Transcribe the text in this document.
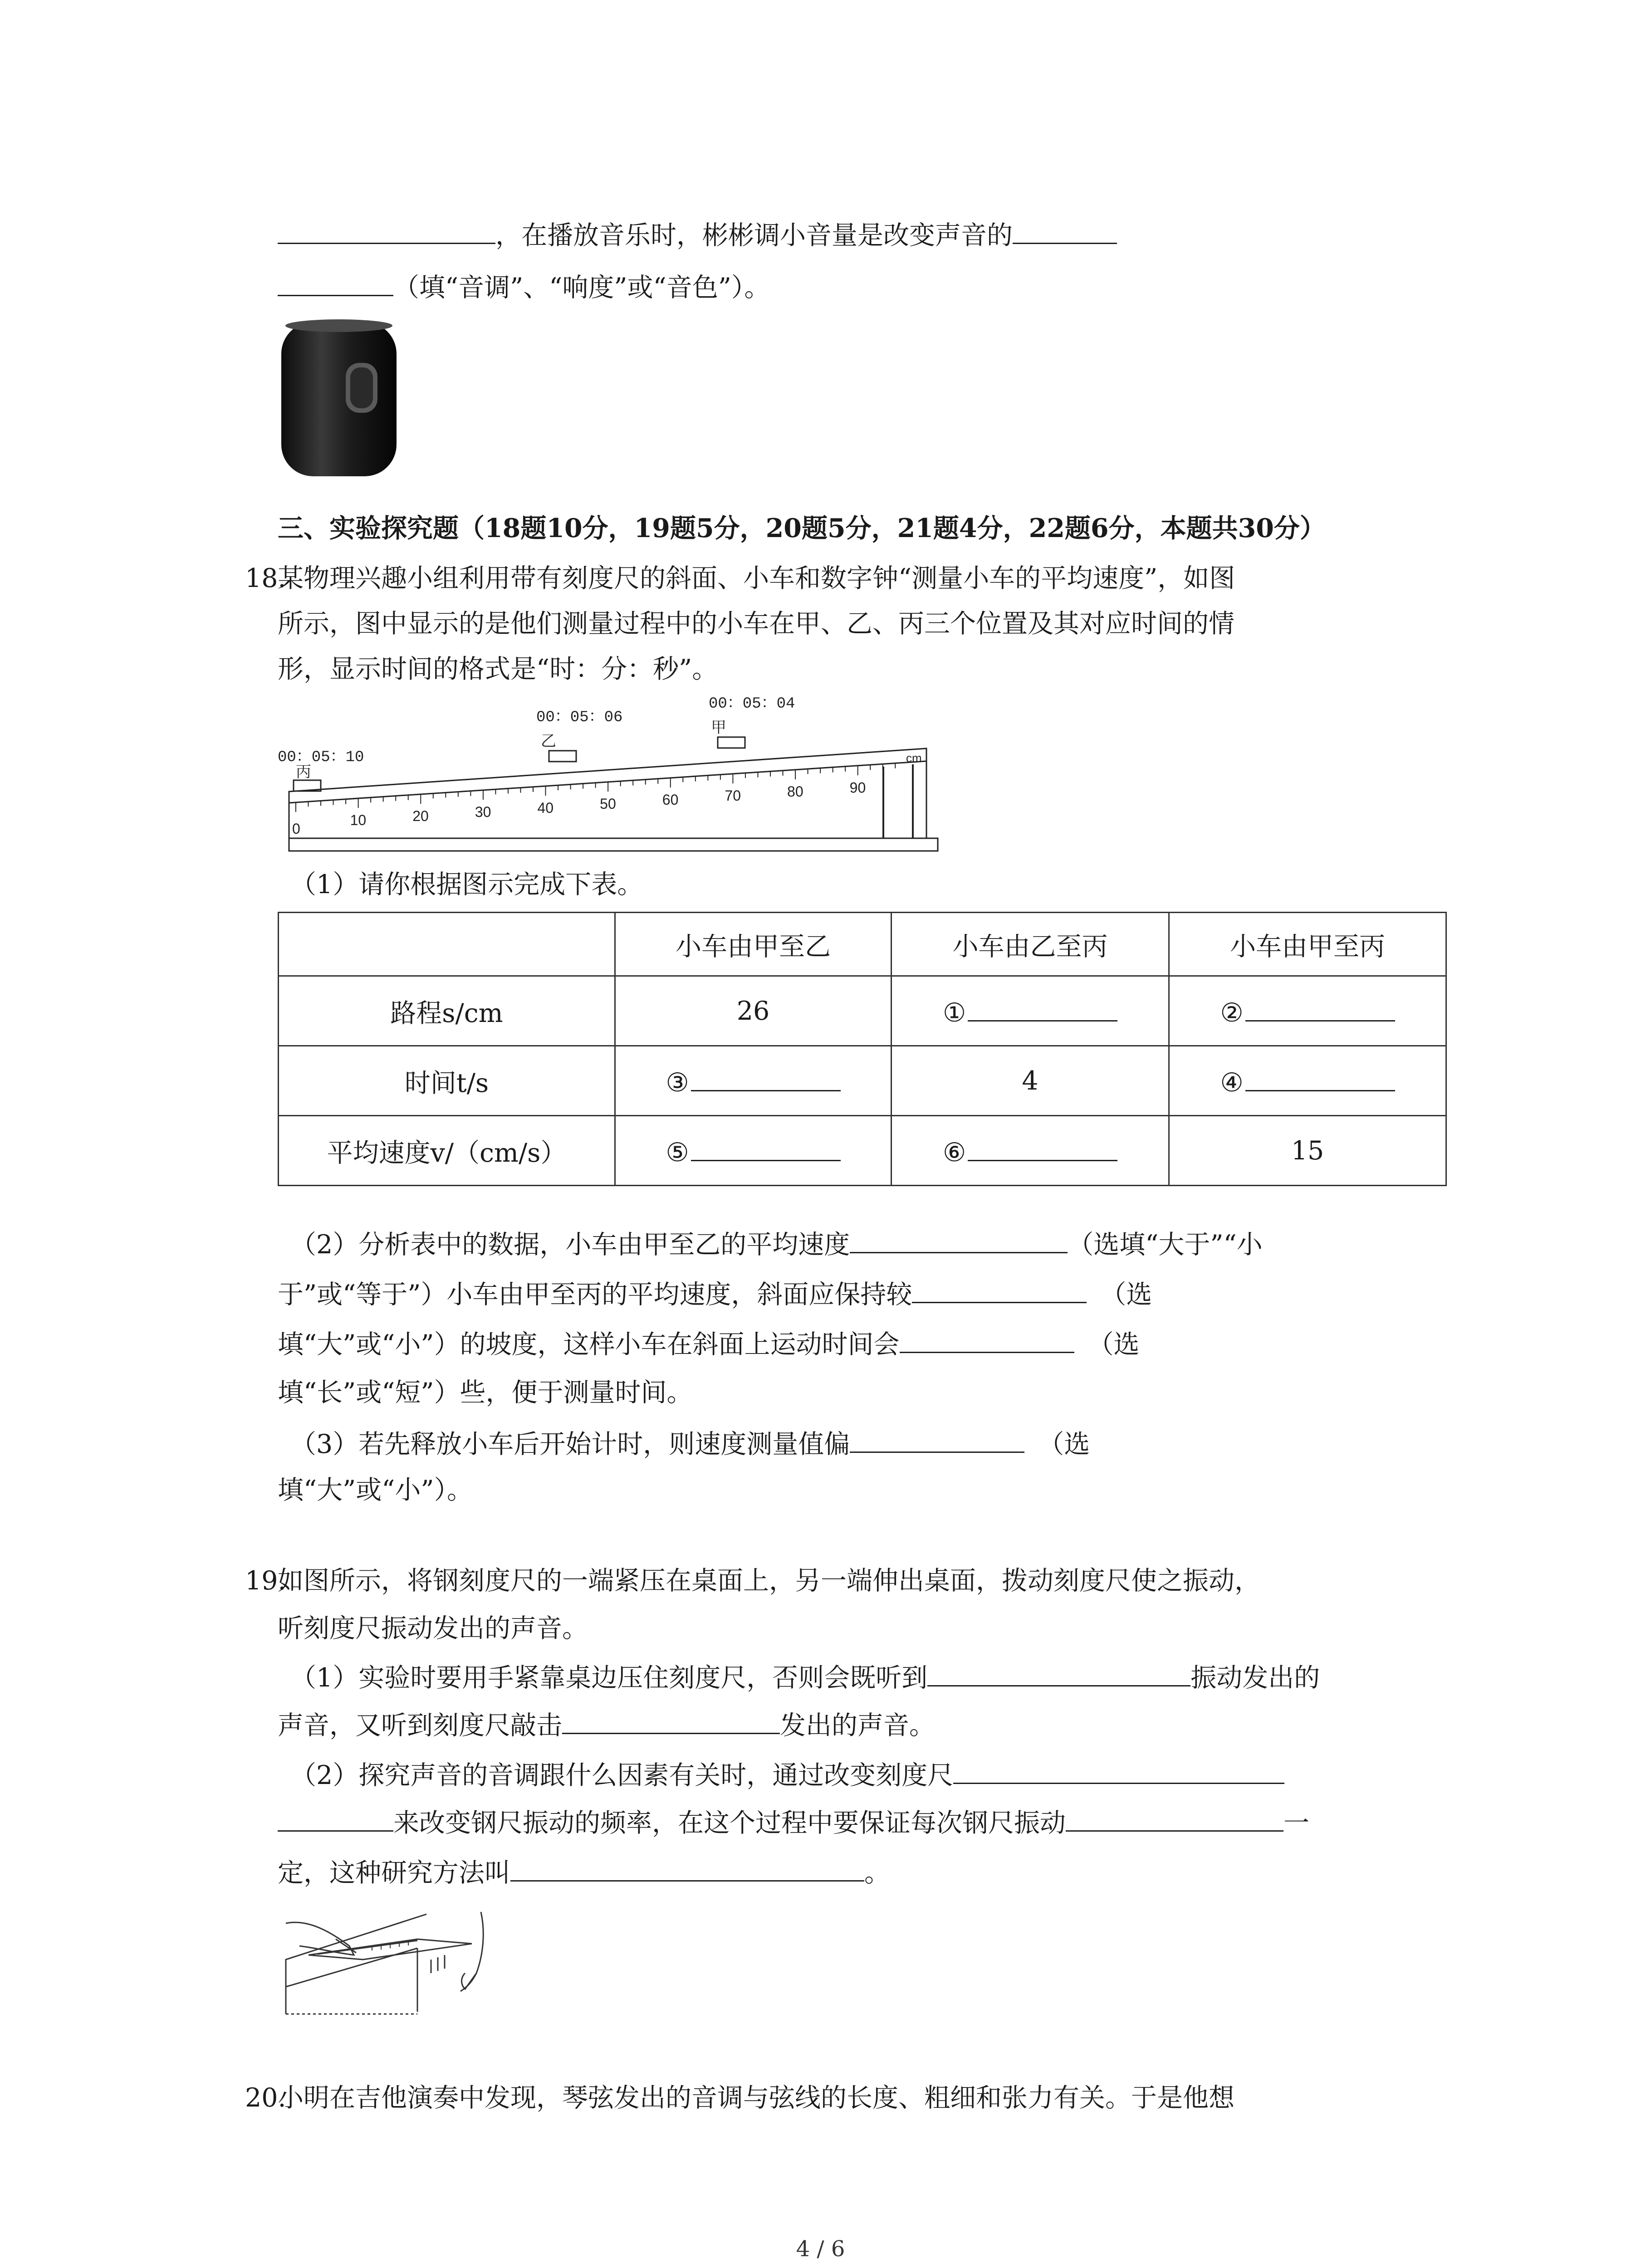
，在播放音乐时，彬彬调小音量是改变声音的
（填“音调”、“响度”或“音色”）。
三、实验探究题（18题10分，19题5分，20题5分，21题4分，22题6分，本题共30分）
18.
某物理兴趣小组利用带有刻度尺的斜面、小车和数字钟“测量小车的平均速度”，如图
所示，图中显示的是他们测量过程中的小车在甲、乙、丙三个位置及其对应时间的情
形，显示时间的格式是“时：分：秒”。
00：05：06
00：05：04
00：05：10
甲
乙
丙
0
10	20	30	40	50	60	70	80	90
cm
（1）请你根据图示完成下表。
	小车由甲至乙	小车由乙至丙	小车由甲至丙
路程s/cm	26	①	②
时间t/s	③	4	④
平均速度v/（cm/s）	⑤	⑥	15
（2）分析表中的数据，小车由甲至乙的平均速度	（选填“大于”“小
于”或“等于”）小车由甲至丙的平均速度，斜面应保持较	（选
填“大”或“小”）的坡度，这样小车在斜面上运动时间会	（选
填“长”或“短”）些，便于测量时间。
（3）若先释放小车后开始计时，则速度测量值偏	（选
填“大”或“小”）。
19.
如图所示，将钢刻度尺的一端紧压在桌面上，另一端伸出桌面，拨动刻度尺使之振动，
听刻度尺振动发出的声音。
（1）实验时要用手紧靠桌边压住刻度尺，否则会既听到	振动发出的
声音，又听到刻度尺敲击	发出的声音。
（2）探究声音的音调跟什么因素有关时，通过改变刻度尺
来改变钢尺振动的频率，在这个过程中要保证每次钢尺振动	一
定，这种研究方法叫	。
20.
小明在吉他演奏中发现，琴弦发出的音调与弦线的长度、粗细和张力有关。于是他想
4 / 6
